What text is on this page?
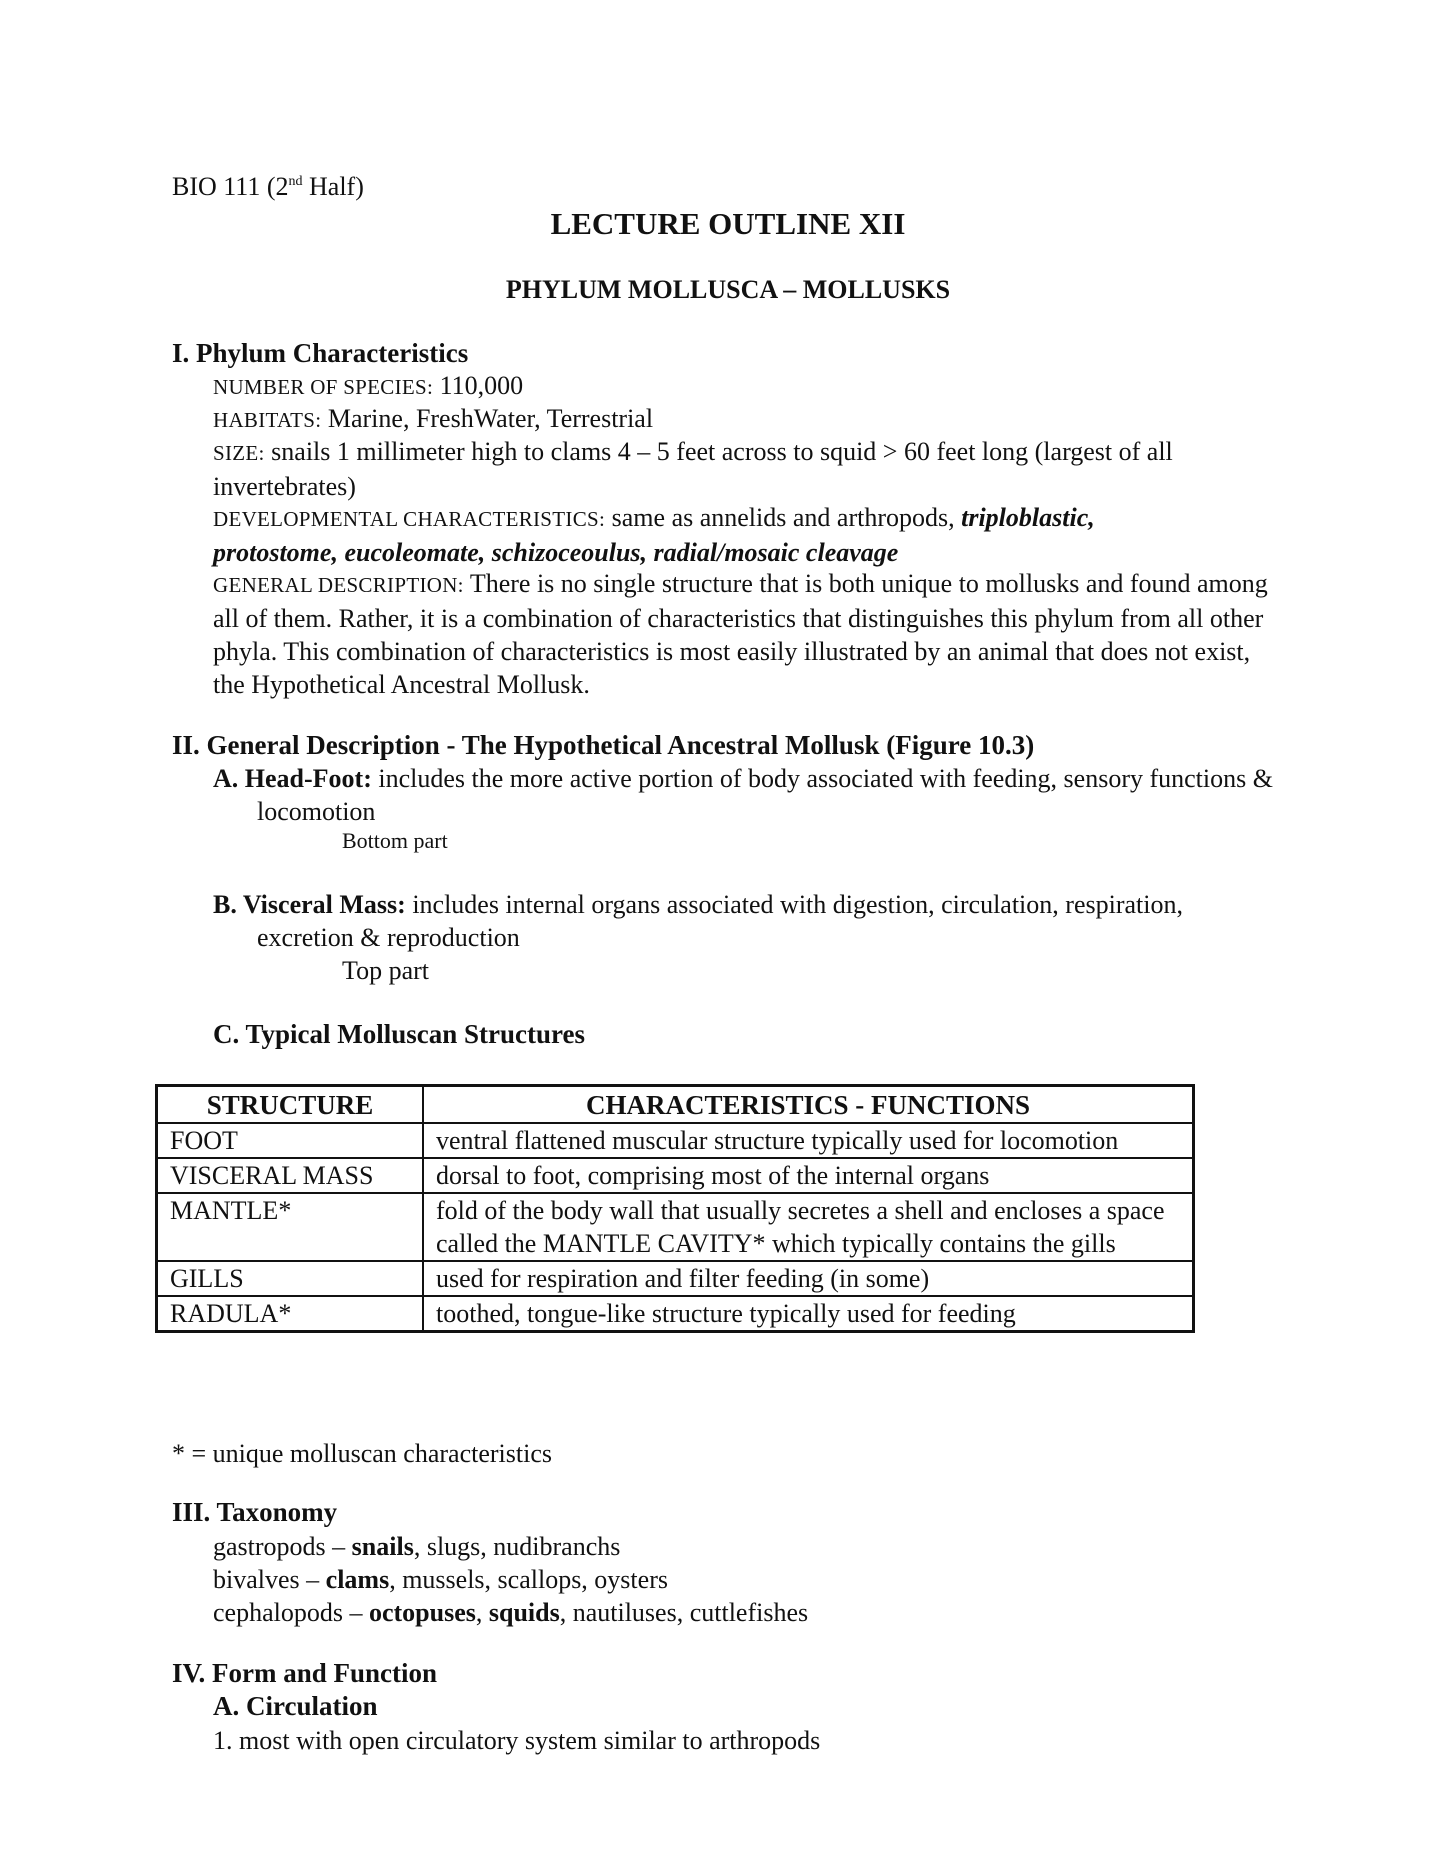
BIO 111 (2nd Half)
LECTURE OUTLINE XII
PHYLUM MOLLUSCA – MOLLUSKS
I. Phylum Characteristics
NUMBER OF SPECIES: 110,000
HABITATS: Marine, FreshWater, Terrestrial
SIZE: snails 1 millimeter high to clams 4 – 5 feet across to squid > 60 feet long (largest of all invertebrates)
DEVELOPMENTAL CHARACTERISTICS: same as annelids and arthropods, triploblastic, protostome, eucoleomate, schizoceoulus, radial/mosaic cleavage
GENERAL DESCRIPTION: There is no single structure that is both unique to mollusks and found among all of them. Rather, it is a combination of characteristics that distinguishes this phylum from all other phyla. This combination of characteristics is most easily illustrated by an animal that does not exist, the Hypothetical Ancestral Mollusk.
II. General Description - The Hypothetical Ancestral Mollusk (Figure 10.3)
A. Head-Foot: includes the more active portion of body associated with feeding, sensory functions & locomotion
Bottom part
B. Visceral Mass: includes internal organs associated with digestion, circulation, respiration, excretion & reproduction
Top part
C. Typical Molluscan Structures
STRUCTURE	CHARACTERISTICS - FUNCTIONS
FOOT	ventral flattened muscular structure typically used for locomotion
VISCERAL MASS	dorsal to foot, comprising most of the internal organs
MANTLE*	fold of the body wall that usually secretes a shell and encloses a space called the MANTLE CAVITY* which typically contains the gills
GILLS	used for respiration and filter feeding (in some)
RADULA*	toothed, tongue-like structure typically used for feeding
* = unique molluscan characteristics
III. Taxonomy
gastropods – snails, slugs, nudibranchs
bivalves – clams, mussels, scallops, oysters
cephalopods – octopuses, squids, nautiluses, cuttlefishes
IV. Form and Function
A. Circulation
1. most with open circulatory system similar to arthropods
